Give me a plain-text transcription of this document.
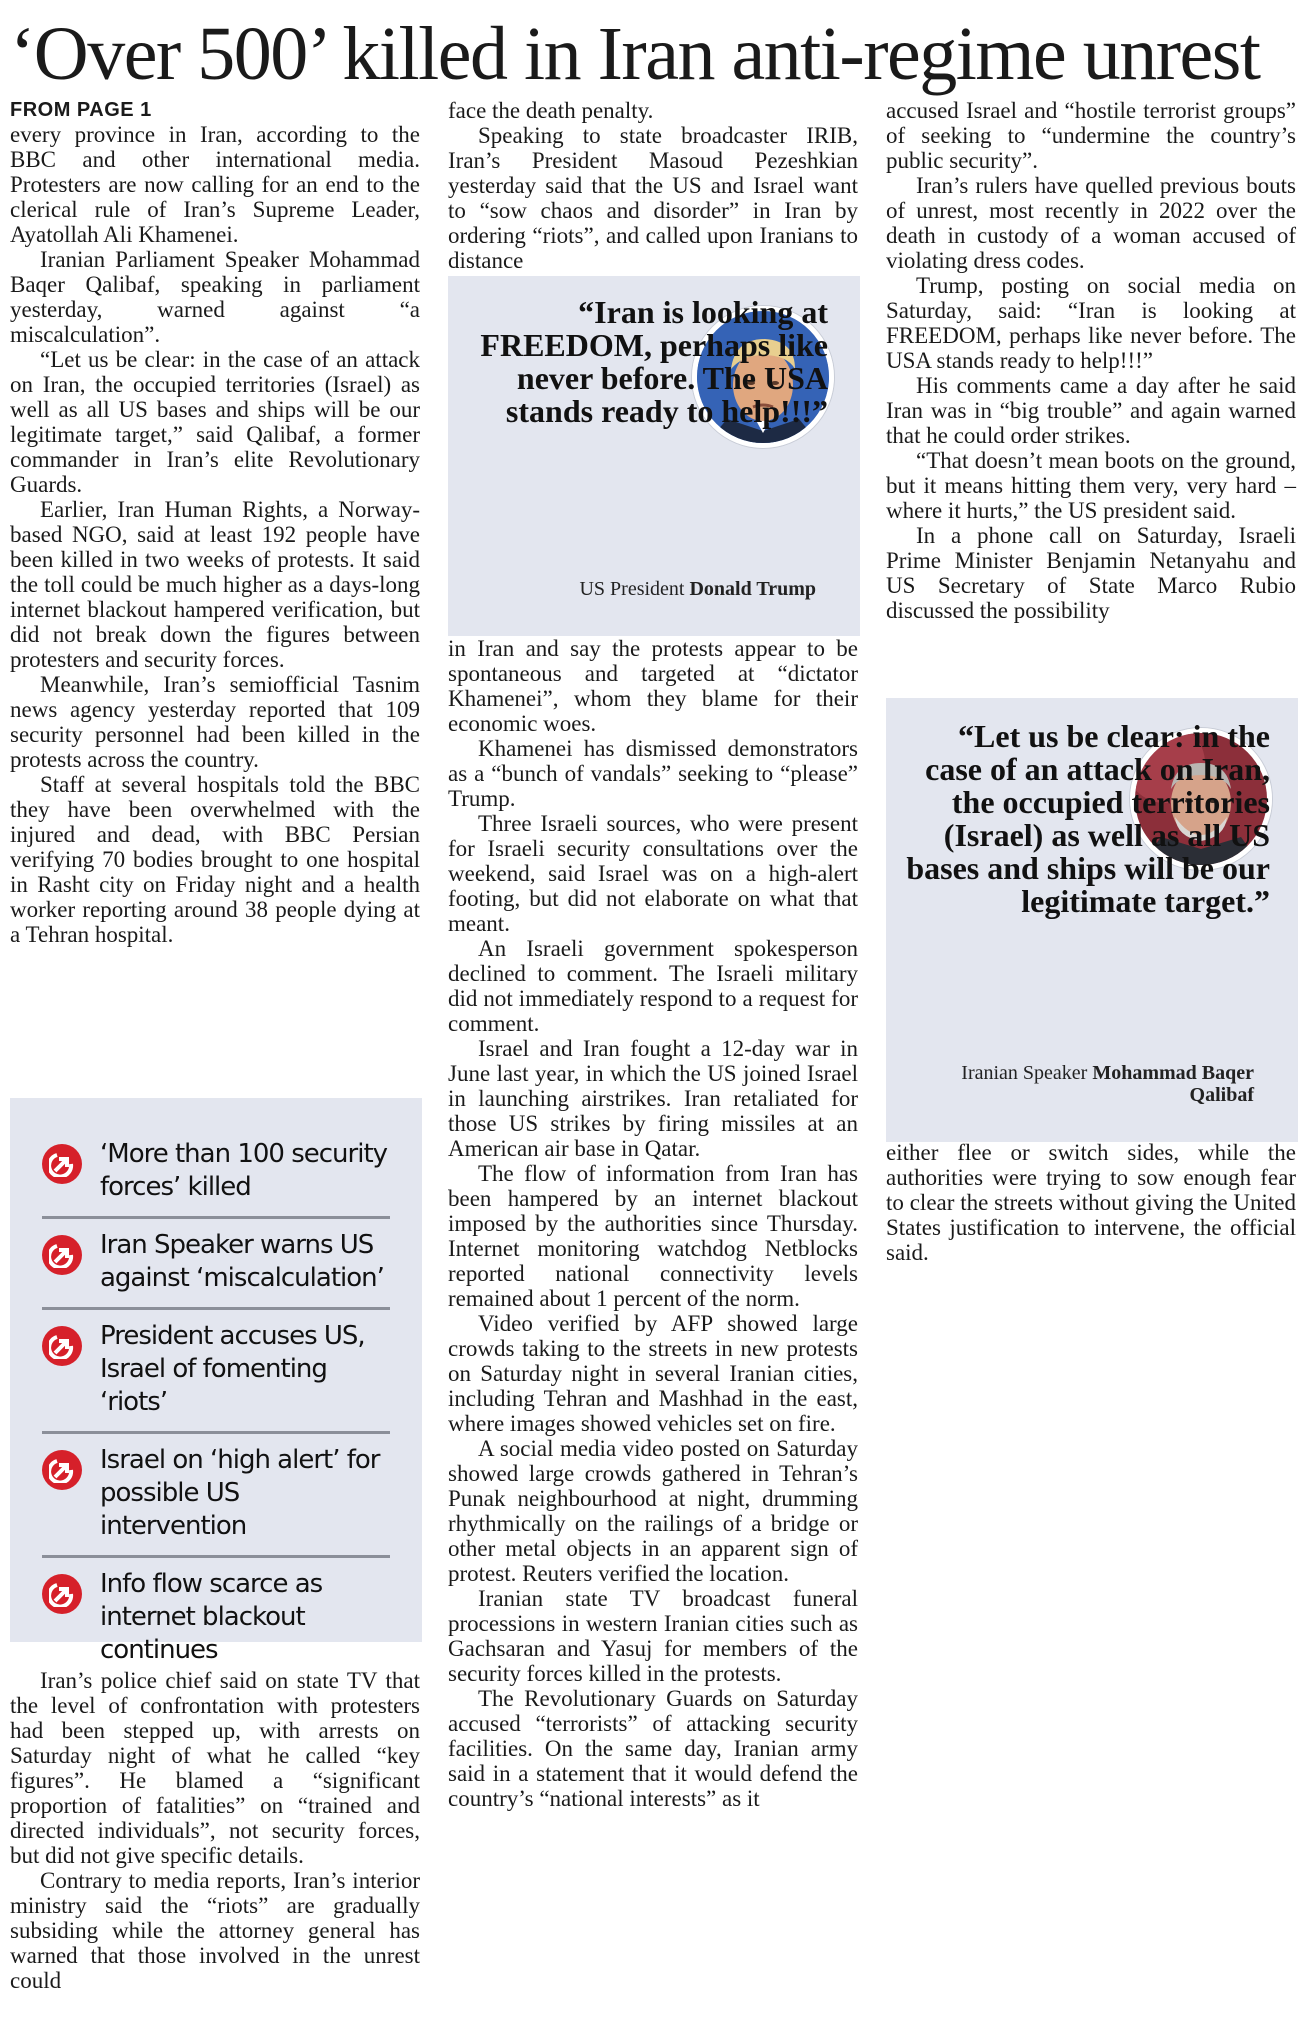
‘Over 500’ killed in Iran anti-regime unrest

FROM PAGE 1

every province in Iran, according to the BBC and other international media. Protesters are now calling for an end to the clerical rule of Iran’s Supreme Leader, Ayatollah Ali Khamenei.

Iranian Parliament Speaker Mohammad Baqer Qalibaf, speaking in parliament yesterday, warned against “a miscalculation”.

“Let us be clear: in the case of an attack on Iran, the occupied territories (Israel) as well as all US bases and ships will be our legitimate target,” said Qalibaf, a former commander in Iran’s elite Revolutionary Guards.

Earlier, Iran Human Rights, a Norway-based NGO, said at least 192 people have been killed in two weeks of protests. It said the toll could be much higher as a days-long internet blackout hampered verification, but did not break down the figures between protesters and security forces.

Meanwhile, Iran’s semiofficial Tasnim news agency yesterday reported that 109 security personnel had been killed in the protests across the country.

Staff at several hospitals told the BBC they have been overwhelmed with the injured and dead, with BBC Persian verifying 70 bodies brought to one hospital in Rasht city on Friday night and a health worker reporting around 38 people dying at a Tehran hospital.

‘More than 100 security forces’ killed
Iran Speaker warns US against ‘miscalculation’
President accuses US, Israel of fomenting ‘riots’
Israel on ‘high alert’ for possible US intervention
Info flow scarce as internet blackout continues

Iran’s police chief said on state TV that the level of confrontation with protesters had been stepped up, with arrests on Saturday night of what he called “key figures”. He blamed a “significant proportion of fatalities” on “trained and directed individuals”, not security forces, but did not give specific details.

Contrary to media reports, Iran’s interior ministry said the “riots” are gradually subsiding while the attorney general has warned that those involved in the unrest could

face the death penalty.

Speaking to state broadcaster IRIB, Iran’s President Masoud Pezeshkian yesterday said that the US and Israel want to “sow chaos and disorder” in Iran by ordering “riots”, and called upon Iranians to distance

“Iran is looking at FREEDOM, perhaps like never before. The USA stands ready to help!!!”
US President Donald Trump

in Iran and say the protests appear to be spontaneous and targeted at “dictator Khamenei”, whom they blame for their economic woes.

Khamenei has dismissed demonstrators as a “bunch of vandals” seeking to “please” Trump.

Three Israeli sources, who were present for Israeli security consultations over the weekend, said Israel was on a high-alert footing, but did not elaborate on what that meant.

An Israeli government spokesperson declined to comment. The Israeli military did not immediately respond to a request for comment.

Israel and Iran fought a 12-day war in June last year, in which the US joined Israel in launching airstrikes. Iran retaliated for those US strikes by firing missiles at an American air base in Qatar.

The flow of information from Iran has been hampered by an internet blackout imposed by the authorities since Thursday. Internet monitoring watchdog Netblocks reported national connectivity levels remained about 1 percent of the norm.

Video verified by AFP showed large crowds taking to the streets in new protests on Saturday night in several Iranian cities, including Tehran and Mashhad in the east, where images showed vehicles set on fire.

A social media video posted on Saturday showed large crowds gathered in Tehran’s Punak neighbourhood at night, drumming rhythmically on the railings of a bridge or other metal objects in an apparent sign of protest. Reuters verified the location.

Iranian state TV broadcast funeral processions in western Iranian cities such as Gachsaran and Yasuj for members of the security forces killed in the protests.

The Revolutionary Guards on Saturday accused “terrorists” of attacking security facilities. On the same day, Iranian army said in a statement that it would defend the country’s “national interests” as it

accused Israel and “hostile terrorist groups” of seeking to “undermine the country’s public security”.

Iran’s rulers have quelled previous bouts of unrest, most recently in 2022 over the death in custody of a woman accused of violating dress codes.

Trump, posting on social media on Saturday, said: “Iran is looking at FREEDOM, perhaps like never before. The USA stands ready to help!!!”

His comments came a day after he said Iran was in “big trouble” and again warned that he could order strikes.

“That doesn’t mean boots on the ground, but it means hitting them very, very hard – where it hurts,” the US president said.

In a phone call on Saturday, Israeli Prime Minister Benjamin Netanyahu and US Secretary of State Marco Rubio discussed the possibility

“Let us be clear: in the case of an attack on Iran, the occupied territories (Israel) as well as all US bases and ships will be our legitimate target.”
Iranian Speaker Mohammad Baqer Qalibaf

either flee or switch sides, while the authorities were trying to sow enough fear to clear the streets without giving the United States justification to intervene, the official said.
